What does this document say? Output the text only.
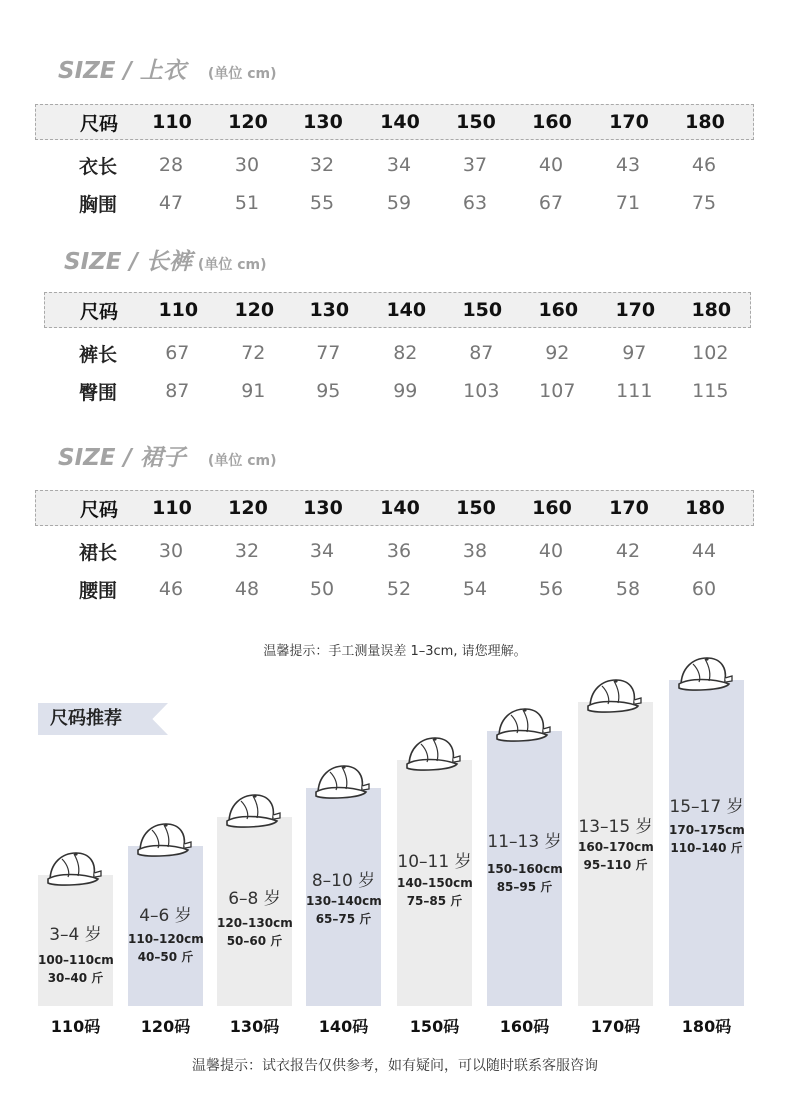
SIZE / 上衣 (单位 cm)
尺码	110	120	130	140	150	160	170	180
衣长	28	30	32	34	37	40	43	46
胸围	47	51	55	59	63	67	71	75
SIZE / 长裤 (单位 cm)
尺码	110	120	130	140	150	160	170	180
裤长	67	72	77	82	87	92	97	102
臀围	87	91	95	99	103	107	111	115
SIZE / 裙子 (单位 cm)
尺码	110	120	130	140	150	160	170	180
裙长	30	32	34	36	38	40	42	44
腰围	46	48	50	52	54	56	58	60
温馨提示：手工测量误差 1–3cm, 请您理解。
尺码推荐
3–4 岁
100–110cm
30–40 斤
110码
4–6 岁
110–120cm
40–50 斤
120码
6–8 岁
120–130cm
50–60 斤
130码
8–10 岁
130–140cm
65–75 斤
140码
10–11 岁
140–150cm
75–85 斤
150码
11–13 岁
150–160cm
85–95 斤
160码
13–15 岁
160–170cm
95–110 斤
170码
15–17 岁
170–175cm
110–140 斤
180码
温馨提示：试衣报告仅供参考，如有疑问，可以随时联系客服咨询
